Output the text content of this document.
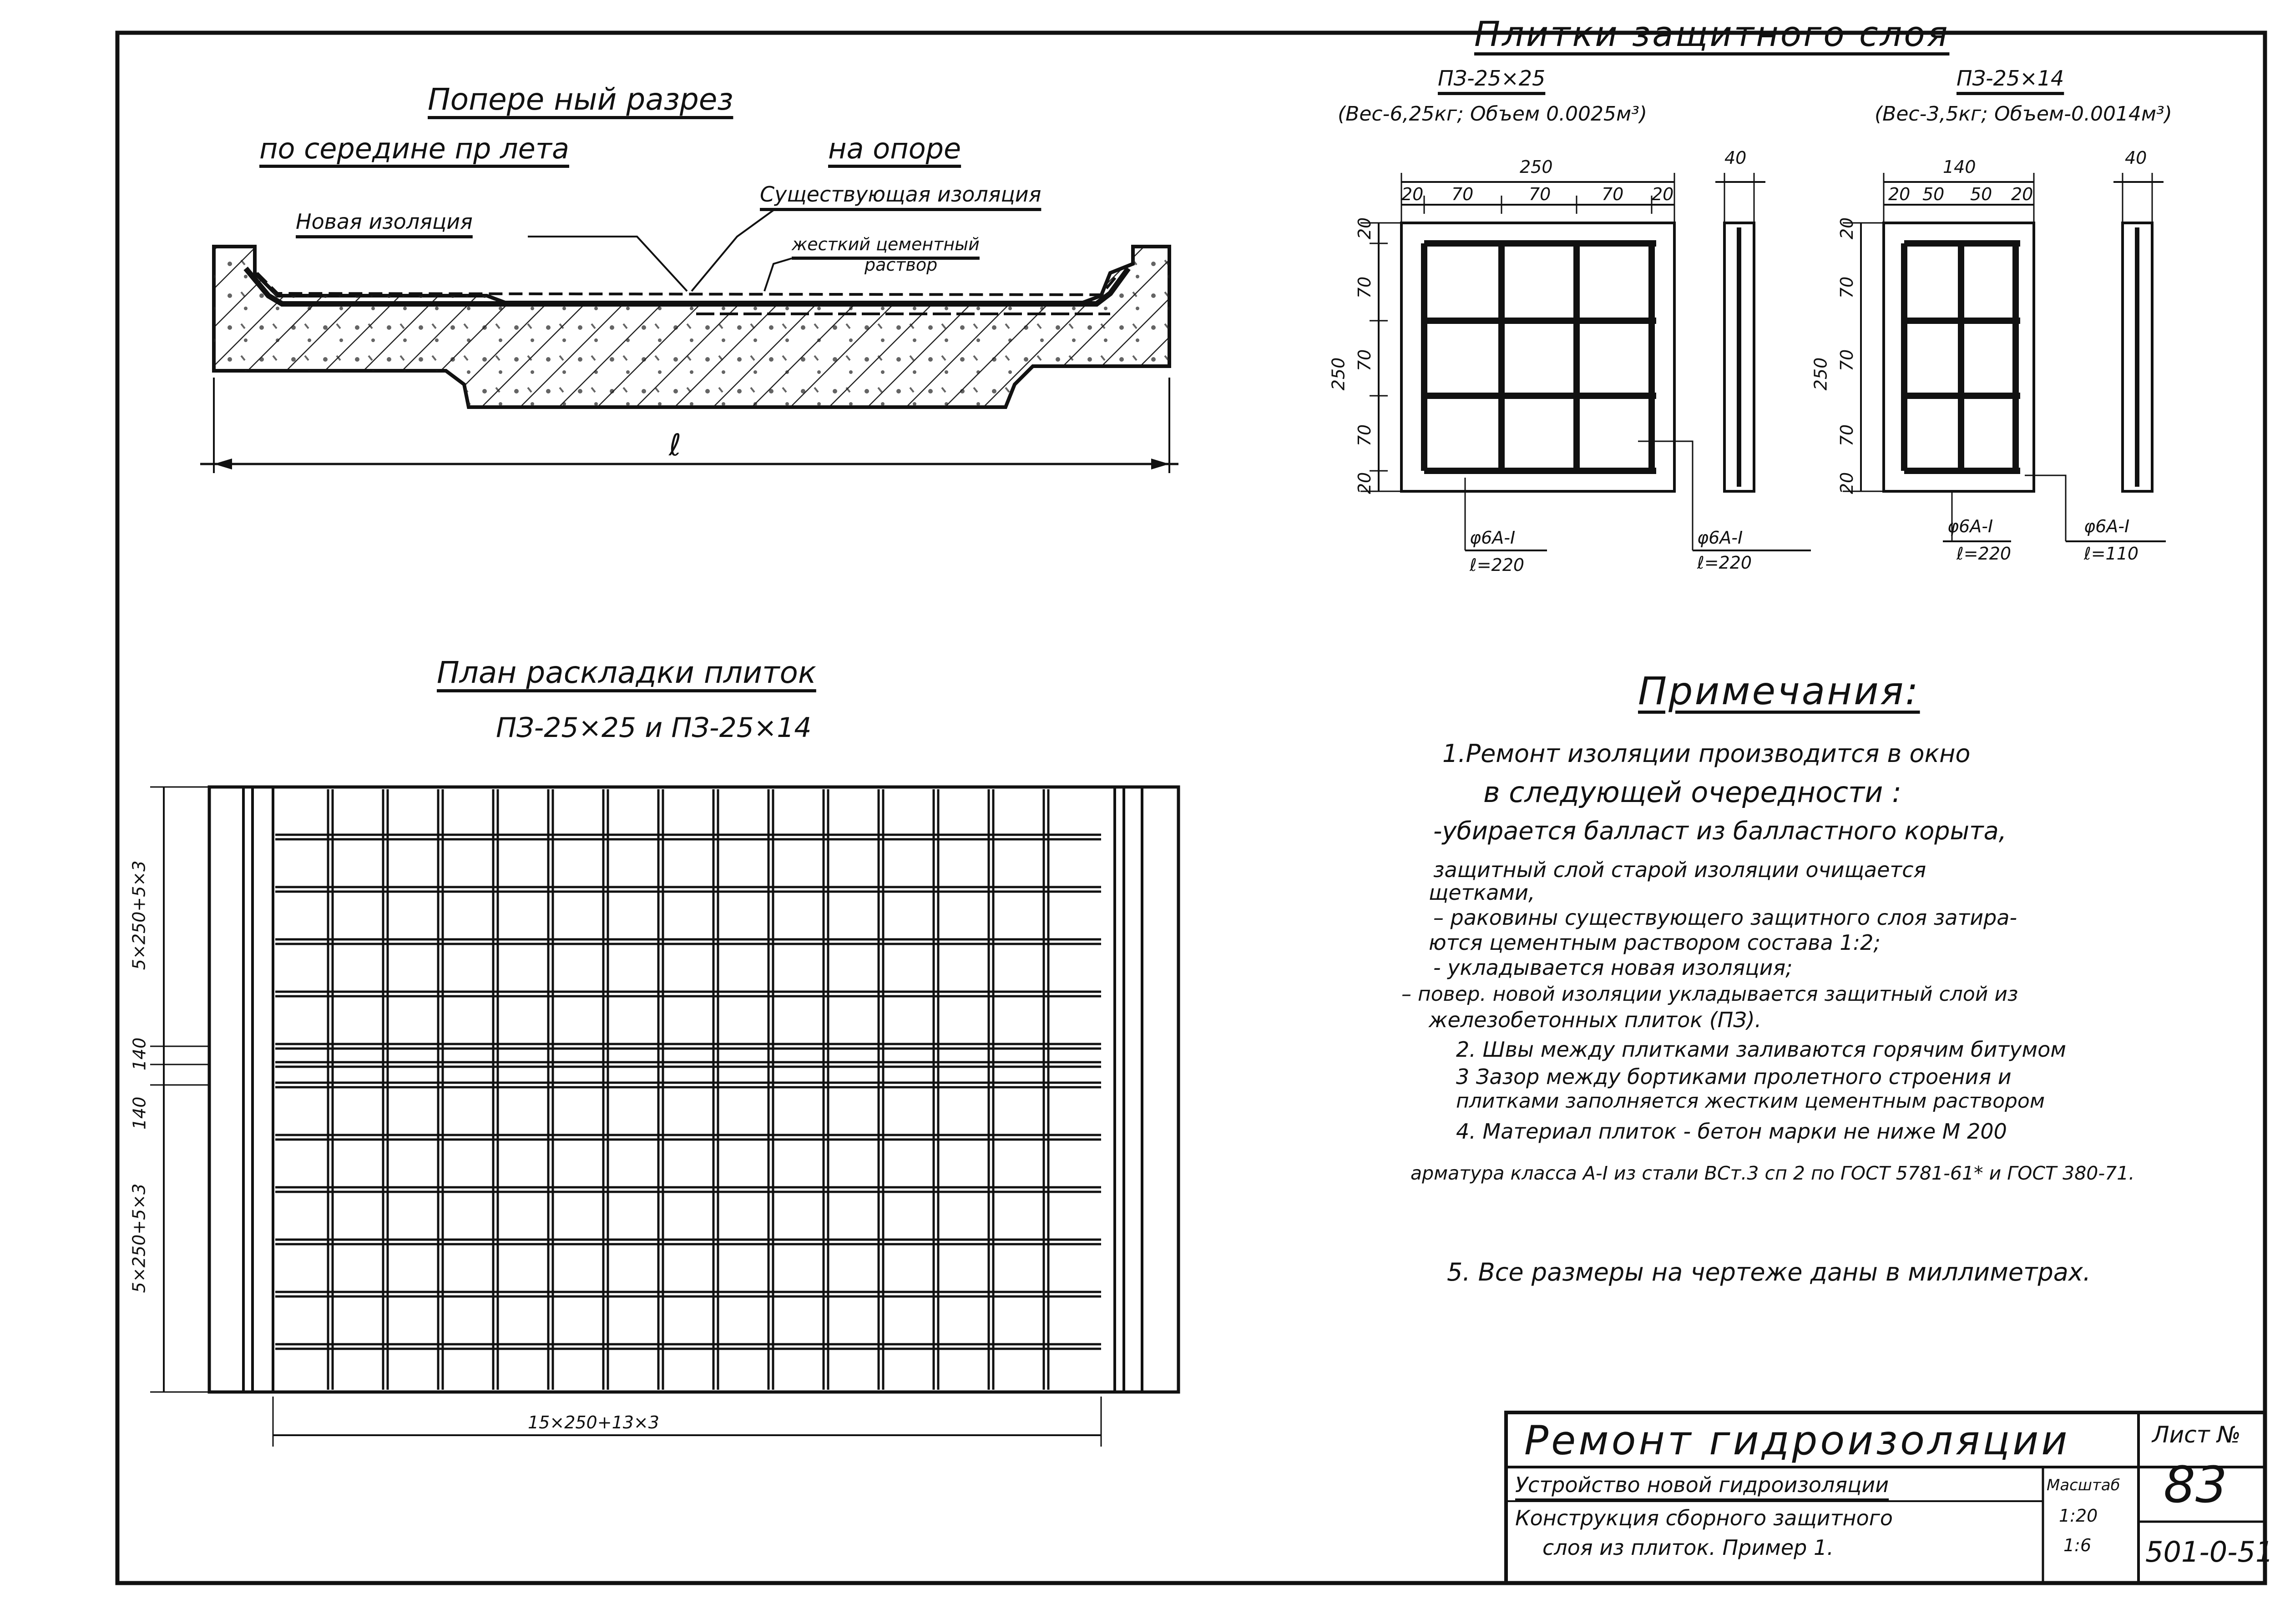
Попере ный разрез
по середине пр лета	на опоре
Новая изоляция
Существующая изоляция
жесткий цементный
раствор
ℓ
Плитки защитного слоя
ПЗ-25×25
(Вес-6,25кг; Объем 0.0025м³)
250
20 70	70	70 20
250
20
70
70
70
20
40
φ6A-I
ℓ=220
φ6A-I
ℓ=220
ПЗ-25×14
(Вес-3,5кг; Объем-0.0014м³)
140
20 50 50 20
250
20
70
70
70
20
40
φ6A-I
ℓ=220
φ6A-I
ℓ=110
План раскладки плиток
ПЗ-25×25 и ПЗ-25×14
15×250+13×3
5×250+5×3
140
140
5×250+5×3
Примечания:
1.Ремонт изоляции производится в окно
в следующей очередности :
-убирается балласт из балластного корыта,
защитный слой старой изоляции очищается
щетками,
– раковины существующего защитного слоя затира-
ются цементным раствором состава 1:2;
- укладывается новая изоляция;
– повер. новой изоляции укладывается защитный слой из
железобетонных плиток (ПЗ).
2. Швы между плитками заливаются горячим битумом
3 Зазор между бортиками пролетного строения и
плитками заполняется жестким цементным раствором
4. Материал плиток - бетон марки не ниже М 200
арматура класса А-I из стали ВСт.3 сп 2 по ГОСТ 5781-61* и ГОСТ 380-71.
5. Все размеры на чертеже даны в миллиметрах.
Ремонт гидроизоляции
Устройство новой гидроизоляции
Конструкция сборного защитного
слоя из плиток. Пример 1.
Масштаб
1:20
1:6
Лист №
83
501-0-51
